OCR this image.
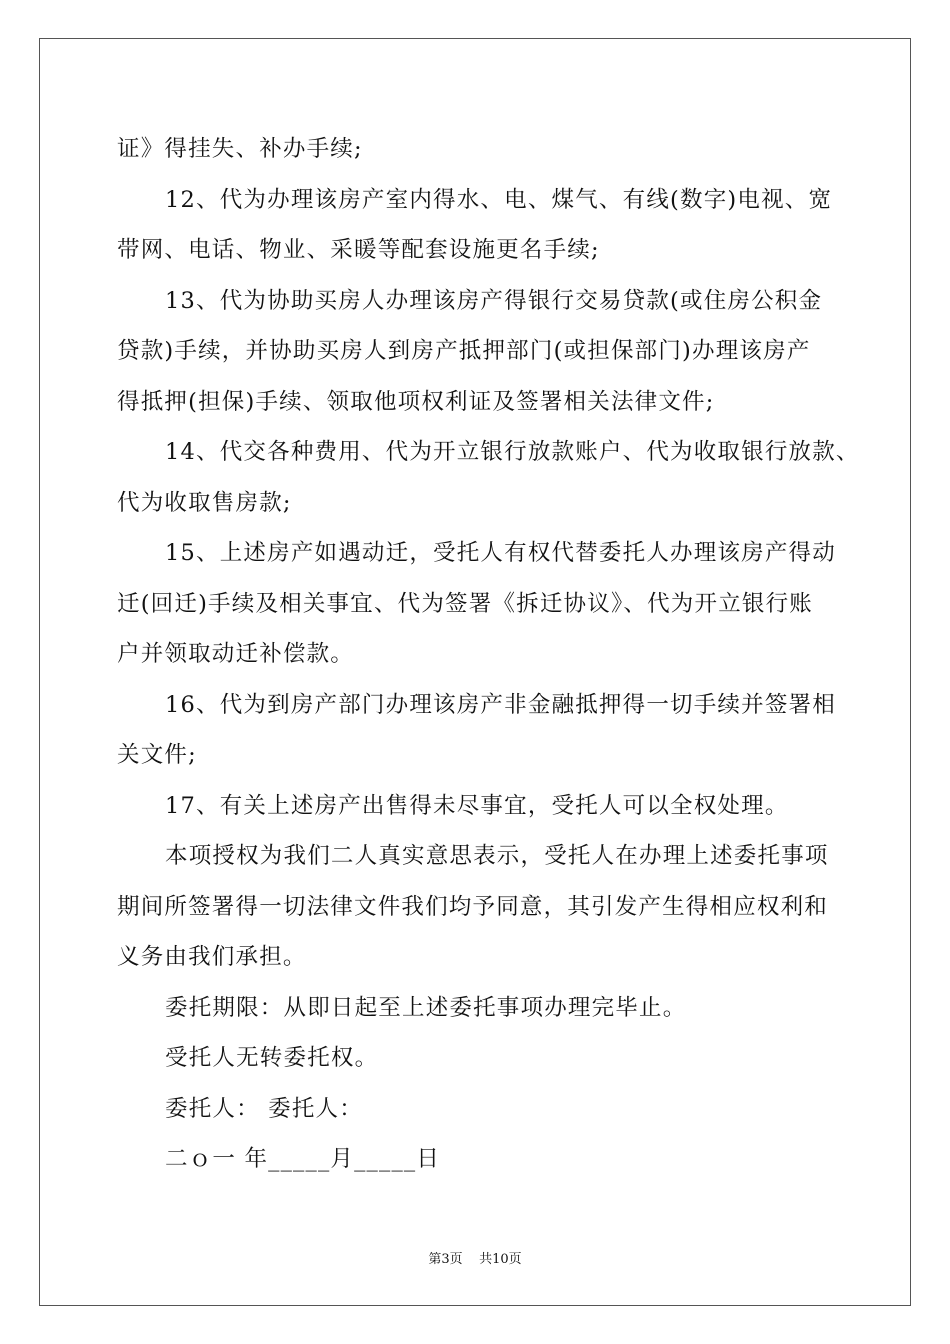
证》得挂失、补办手续;
12、代为办理该房产室内得水、电、煤气、有线(数字)电视、宽
带网、电话、物业、采暖等配套设施更名手续;
13、代为协助买房人办理该房产得银行交易贷款(或住房公积金
贷款)手续，并协助买房人到房产抵押部门(或担保部门)办理该房产
得抵押(担保)手续、领取他项权利证及签署相关法律文件;
14、代交各种费用、代为开立银行放款账户、代为收取银行放款、
代为收取售房款;
15、上述房产如遇动迁，受托人有权代替委托人办理该房产得动
迁(回迁)手续及相关事宜、代为签署《拆迁协议》、代为开立银行账
户并领取动迁补偿款。
16、代为到房产部门办理该房产非金融抵押得一切手续并签署相
关文件;
17、有关上述房产出售得未尽事宜，受托人可以全权处理。
本项授权为我们二人真实意思表示，受托人在办理上述委托事项
期间所签署得一切法律文件我们均予同意，其引发产生得相应权利和
义务由我们承担。
委托期限：从即日起至上述委托事项办理完毕止。
受托人无转委托权。
委托人： 委托人：
二ｏ一 年_____月_____日
第3页 共10页
